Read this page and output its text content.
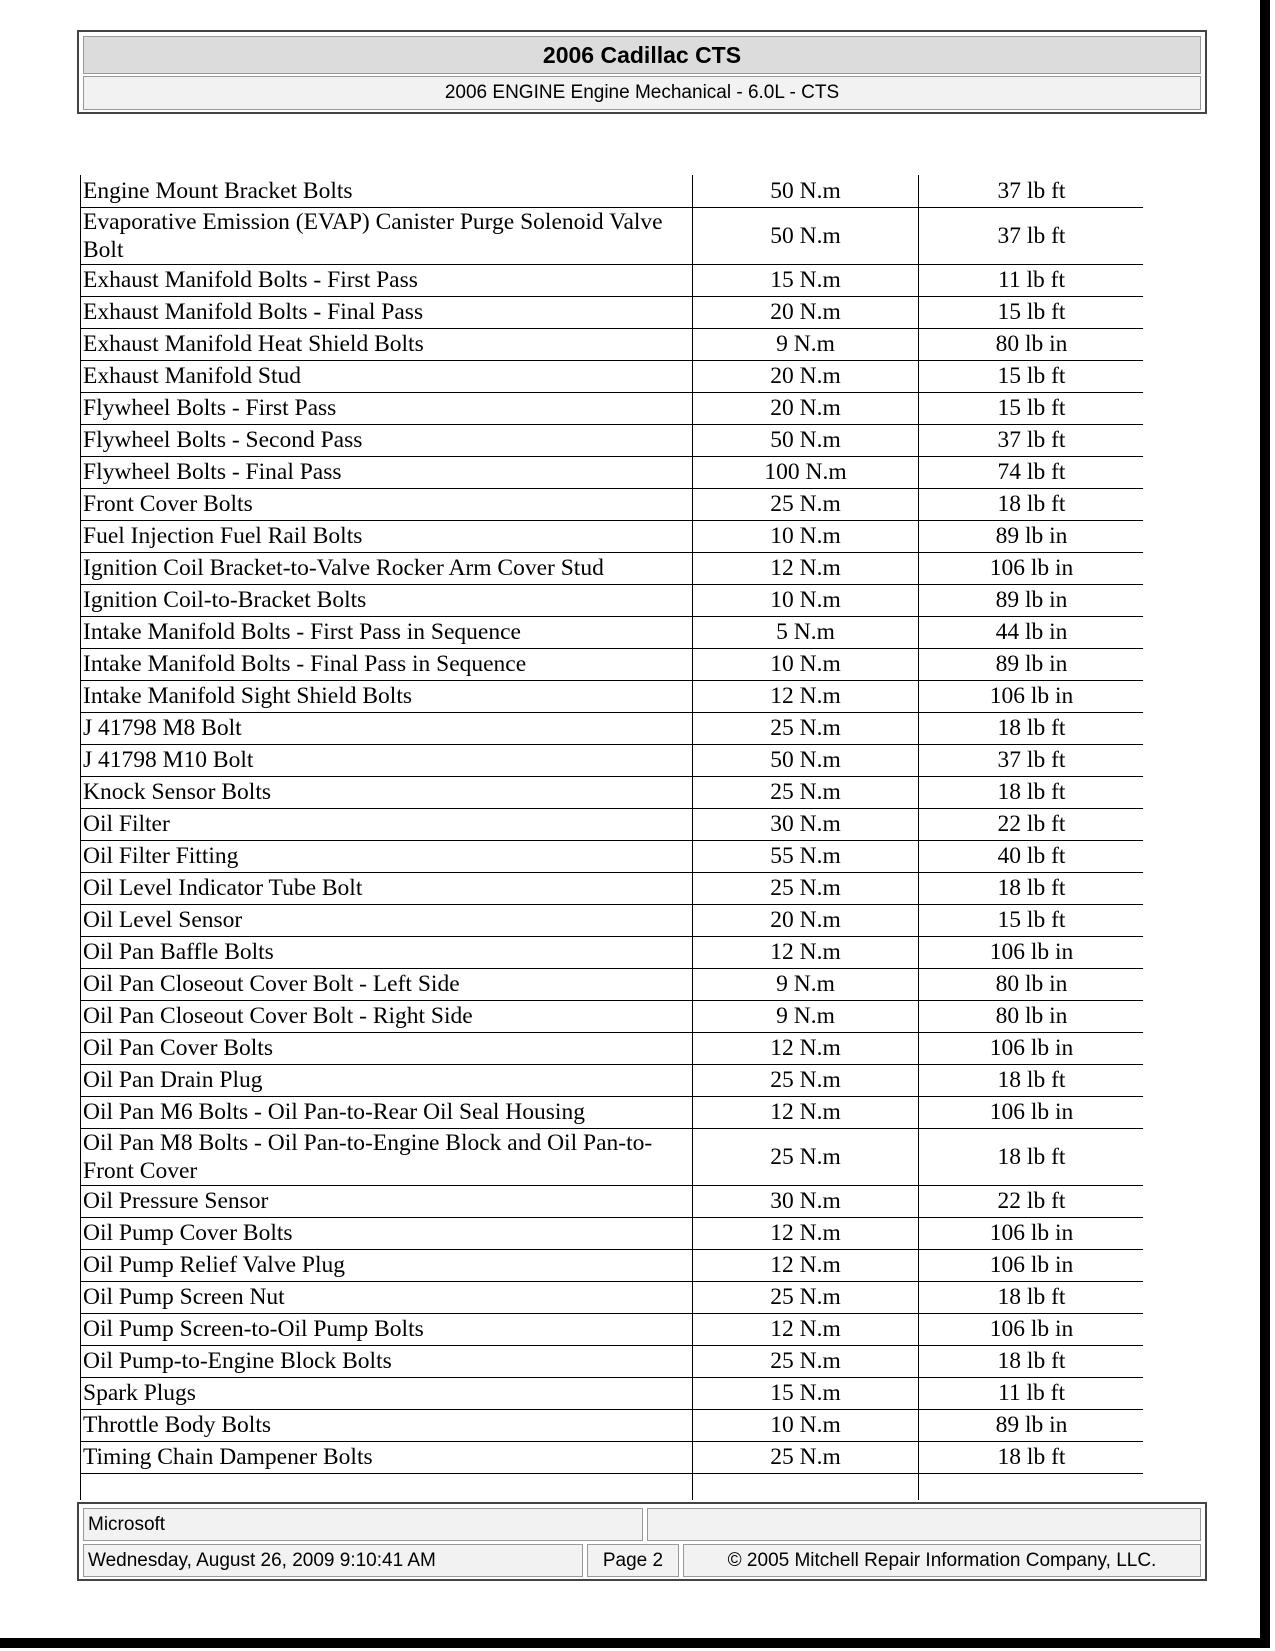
2006 Cadillac CTS
2006 ENGINE Engine Mechanical - 6.0L - CTS
Engine Mount Bracket Bolts	50 N.m	37 lb ft
Evaporative Emission (EVAP) Canister Purge Solenoid Valve Bolt	50 N.m	37 lb ft
Exhaust Manifold Bolts - First Pass	15 N.m	11 lb ft
Exhaust Manifold Bolts - Final Pass	20 N.m	15 lb ft
Exhaust Manifold Heat Shield Bolts	9 N.m	80 lb in
Exhaust Manifold Stud	20 N.m	15 lb ft
Flywheel Bolts - First Pass	20 N.m	15 lb ft
Flywheel Bolts - Second Pass	50 N.m	37 lb ft
Flywheel Bolts - Final Pass	100 N.m	74 lb ft
Front Cover Bolts	25 N.m	18 lb ft
Fuel Injection Fuel Rail Bolts	10 N.m	89 lb in
Ignition Coil Bracket-to-Valve Rocker Arm Cover Stud	12 N.m	106 lb in
Ignition Coil-to-Bracket Bolts	10 N.m	89 lb in
Intake Manifold Bolts - First Pass in Sequence	5 N.m	44 lb in
Intake Manifold Bolts - Final Pass in Sequence	10 N.m	89 lb in
Intake Manifold Sight Shield Bolts	12 N.m	106 lb in
J 41798 M8 Bolt	25 N.m	18 lb ft
J 41798 M10 Bolt	50 N.m	37 lb ft
Knock Sensor Bolts	25 N.m	18 lb ft
Oil Filter	30 N.m	22 lb ft
Oil Filter Fitting	55 N.m	40 lb ft
Oil Level Indicator Tube Bolt	25 N.m	18 lb ft
Oil Level Sensor	20 N.m	15 lb ft
Oil Pan Baffle Bolts	12 N.m	106 lb in
Oil Pan Closeout Cover Bolt - Left Side	9 N.m	80 lb in
Oil Pan Closeout Cover Bolt - Right Side	9 N.m	80 lb in
Oil Pan Cover Bolts	12 N.m	106 lb in
Oil Pan Drain Plug	25 N.m	18 lb ft
Oil Pan M6 Bolts - Oil Pan-to-Rear Oil Seal Housing	12 N.m	106 lb in
Oil Pan M8 Bolts - Oil Pan-to-Engine Block and Oil Pan-to-Front Cover	25 N.m	18 lb ft
Oil Pressure Sensor	30 N.m	22 lb ft
Oil Pump Cover Bolts	12 N.m	106 lb in
Oil Pump Relief Valve Plug	12 N.m	106 lb in
Oil Pump Screen Nut	25 N.m	18 lb ft
Oil Pump Screen-to-Oil Pump Bolts	12 N.m	106 lb in
Oil Pump-to-Engine Block Bolts	25 N.m	18 lb ft
Spark Plugs	15 N.m	11 lb ft
Throttle Body Bolts	10 N.m	89 lb in
Timing Chain Dampener Bolts	25 N.m	18 lb ft

Microsoft
Wednesday, August 26, 2009 9:10:41 AM	Page 2	© 2005 Mitchell Repair Information Company, LLC.
